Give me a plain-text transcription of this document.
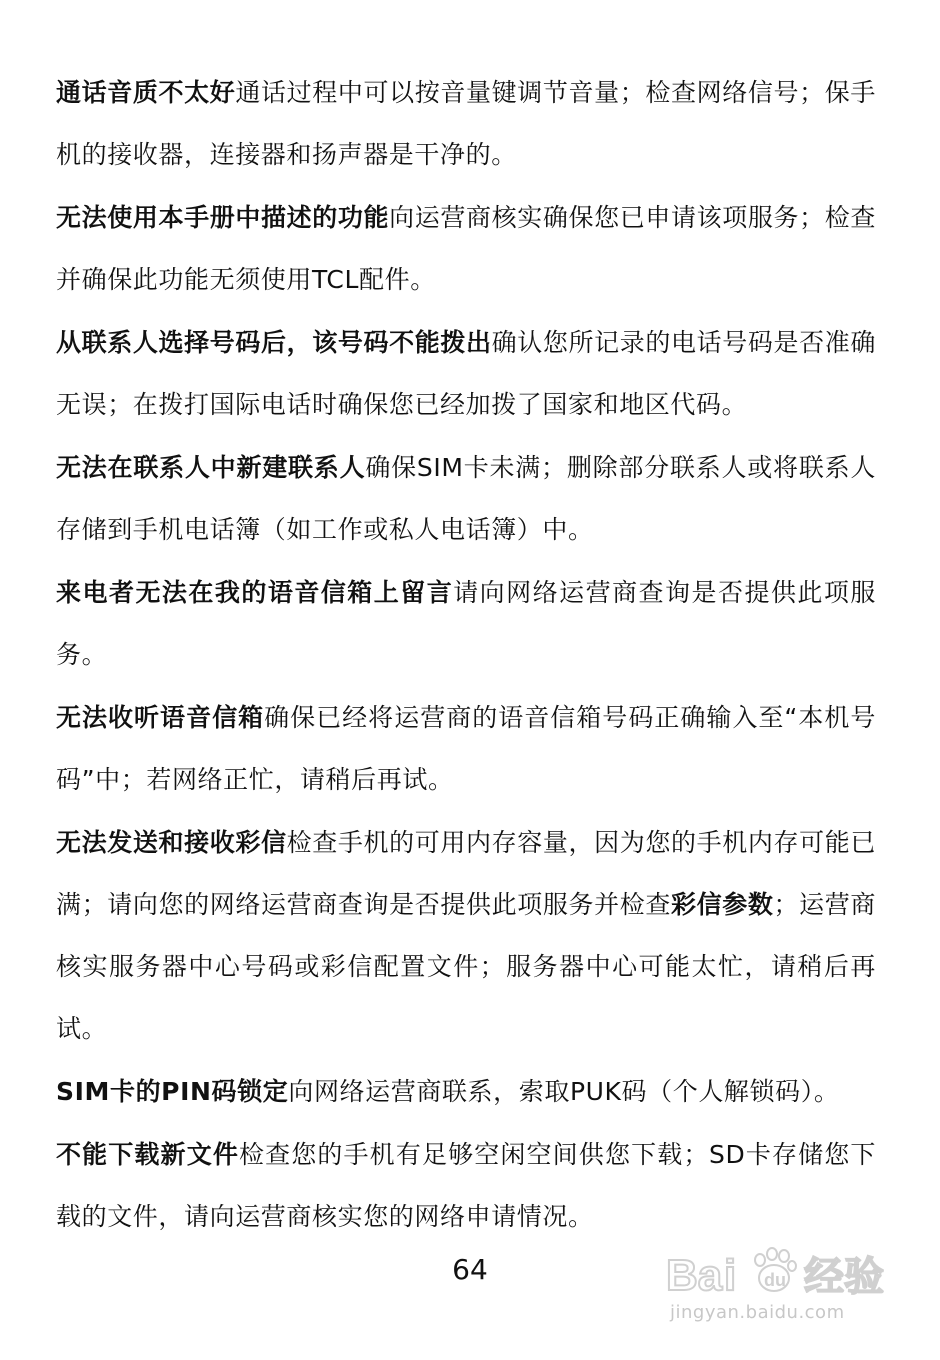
通话音质不太好通话过程中可以按音量键调节音量；检查网络信号；保手机的接收器，连接器和扬声器是干净的。

无法使用本手册中描述的功能向运营商核实确保您已申请该项服务；检查并确保此功能无须使用TCL配件。

从联系人选择号码后，该号码不能拨出确认您所记录的电话号码是否准确无误；在拨打国际电话时确保您已经加拨了国家和地区代码。

无法在联系人中新建联系人确保SIM卡未满；删除部分联系人或将联系人存储到手机电话簿（如工作或私人电话簿）中。

来电者无法在我的语音信箱上留言请向网络运营商查询是否提供此项服务。

无法收听语音信箱确保已经将运营商的语音信箱号码正确输入至“本机号码”中；若网络正忙，请稍后再试。

无法发送和接收彩信检查手机的可用内存容量，因为您的手机内存可能已满；请向您的网络运营商查询是否提供此项服务并检查彩信参数；运营商核实服务器中心号码或彩信配置文件；服务器中心可能太忙，请稍后再试。

SIM卡的PIN码锁定向网络运营商联系，索取PUK码（个人解锁码）。

不能下载新文件检查您的手机有足够空闲空间供您下载；SD卡存储您下载的文件，请向运营商核实您的网络申请情况。

64	Ba i du 经验
jingyan.baidu.com
